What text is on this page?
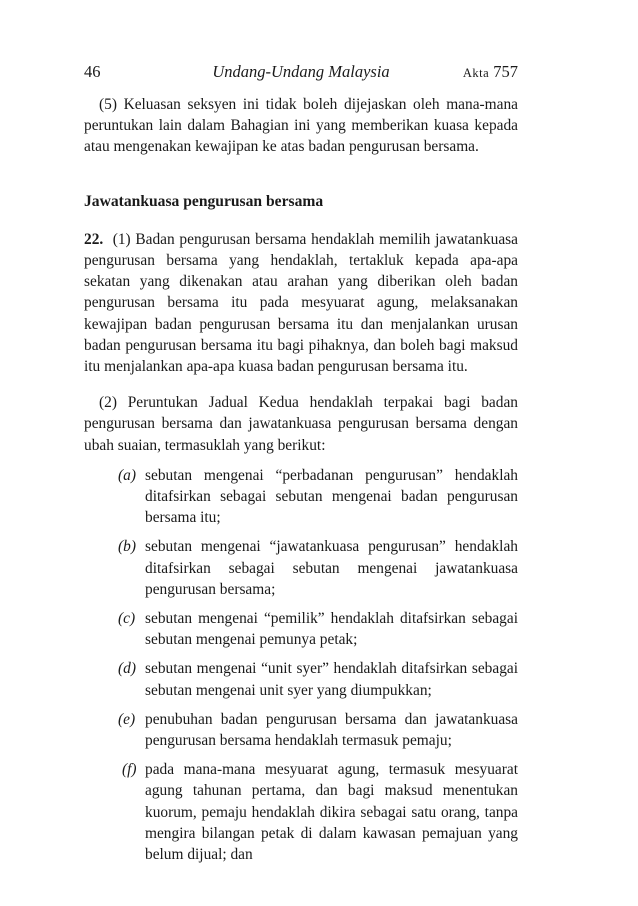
46	Undang-Undang Malaysia	Akta 757

(5) Keluasan seksyen ini tidak boleh dijejaskan oleh mana-mana peruntukan lain dalam Bahagian ini yang memberikan kuasa kepada atau mengenakan kewajipan ke atas badan pengurusan bersama.

Jawatankuasa pengurusan bersama

22. (1) Badan pengurusan bersama hendaklah memilih jawatankuasa pengurusan bersama yang hendaklah, tertakluk kepada apa-apa sekatan yang dikenakan atau arahan yang diberikan oleh badan pengurusan bersama itu pada mesyuarat agung, melaksanakan kewajipan badan pengurusan bersama itu dan menjalankan urusan badan pengurusan bersama itu bagi pihaknya, dan boleh bagi maksud itu menjalankan apa-apa kuasa badan pengurusan bersama itu.

(2) Peruntukan Jadual Kedua hendaklah terpakai bagi badan pengurusan bersama dan jawatankuasa pengurusan bersama dengan ubah suaian, termasuklah yang berikut:

(a) sebutan mengenai “perbadanan pengurusan” hendaklah ditafsirkan sebagai sebutan mengenai badan pengurusan bersama itu;
(b) sebutan mengenai “jawatankuasa pengurusan” hendaklah ditafsirkan sebagai sebutan mengenai jawatankuasa pengurusan bersama;
(c) sebutan mengenai “pemilik” hendaklah ditafsirkan sebagai sebutan mengenai pemunya petak;
(d) sebutan mengenai “unit syer” hendaklah ditafsirkan sebagai sebutan mengenai unit syer yang diumpukkan;
(e) penubuhan badan pengurusan bersama dan jawatankuasa pengurusan bersama hendaklah termasuk pemaju;
(f) pada mana-mana mesyuarat agung, termasuk mesyuarat agung tahunan pertama, dan bagi maksud menentukan kuorum, pemaju hendaklah dikira sebagai satu orang, tanpa mengira bilangan petak di dalam kawasan pemajuan yang belum dijual; dan
